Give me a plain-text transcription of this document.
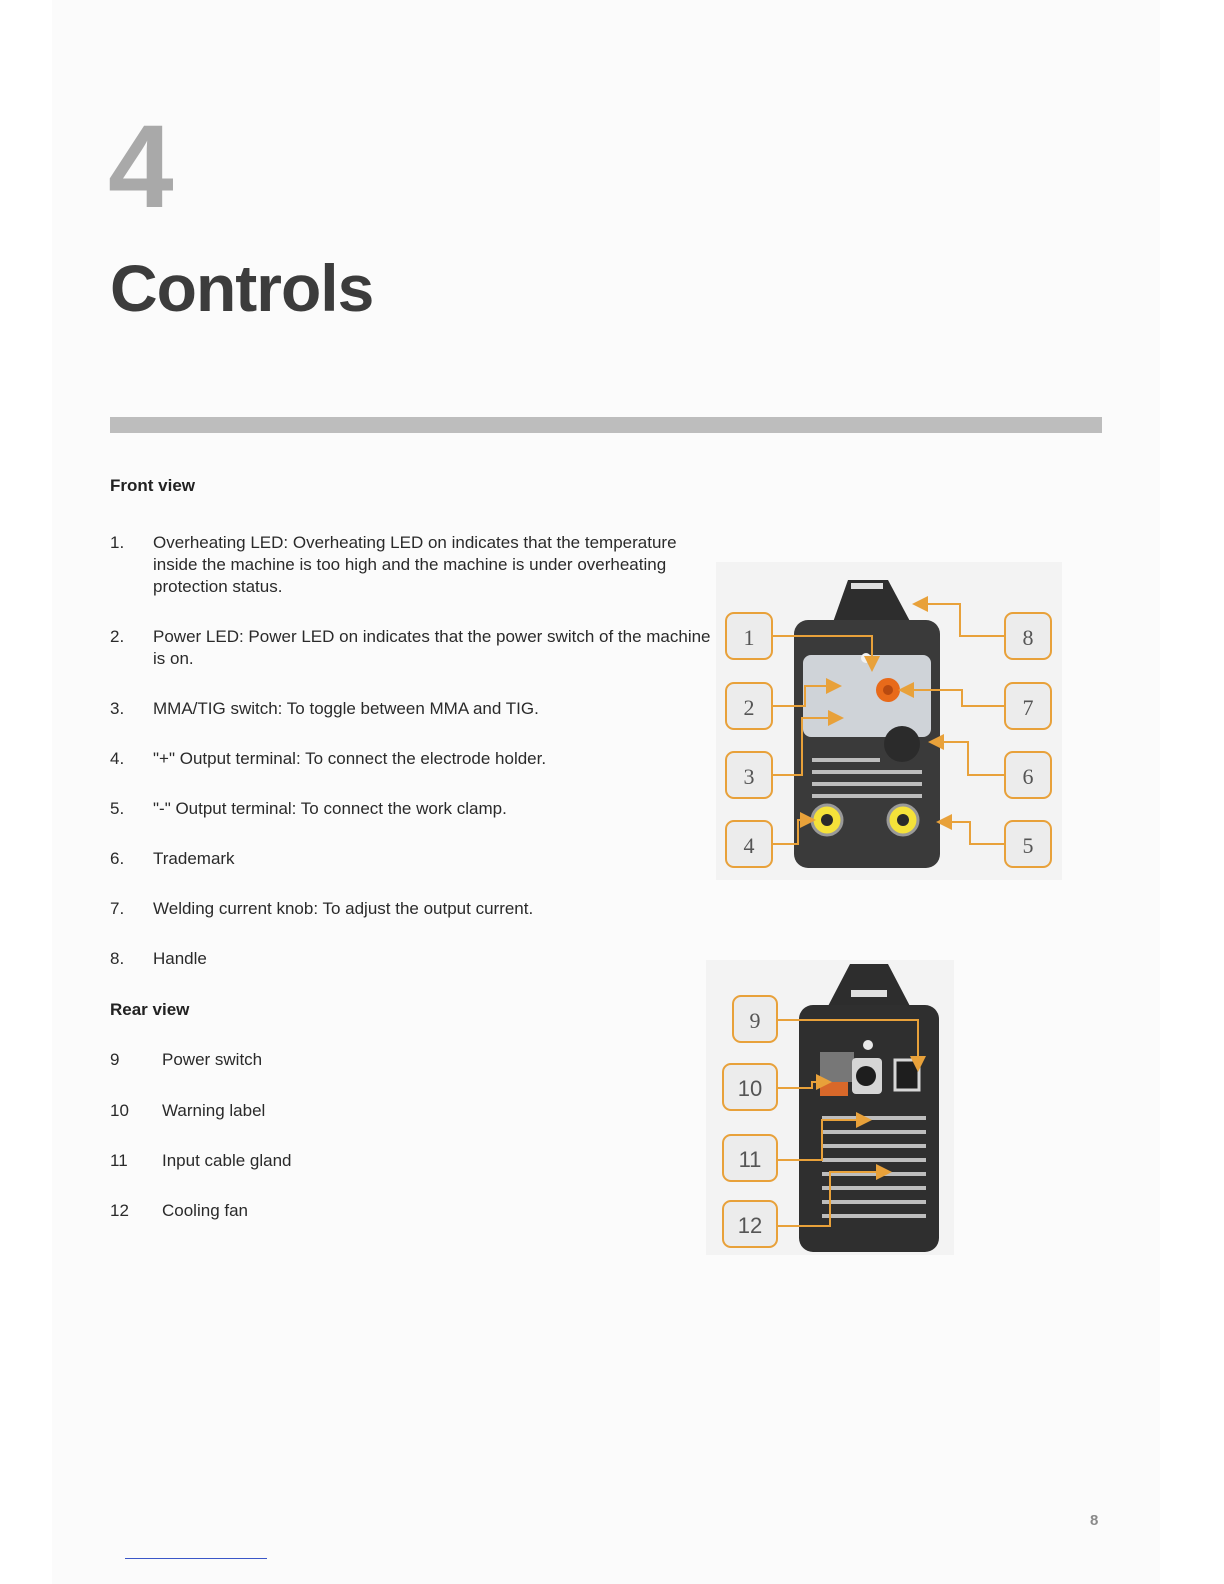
4
Controls
Front view
1. Overheating LED: Overheating LED on indicates that the temperature inside the machine is too high and the machine is under overheating protection status.
2. Power LED: Power LED on indicates that the power switch of the machine is on.
3. MMA/TIG switch: To toggle between MMA and TIG.
4. "+" Output terminal: To connect the electrode holder.
5. "-" Output terminal: To connect the work clamp.
6. Trademark
7. Welding current knob: To adjust the output current.
8. Handle
Rear view
9	Power switch
10 Warning label
11 Input cable gland
12 Cooling fan
1
2
3
4	5
6
7
8
9
10
11
12
8
